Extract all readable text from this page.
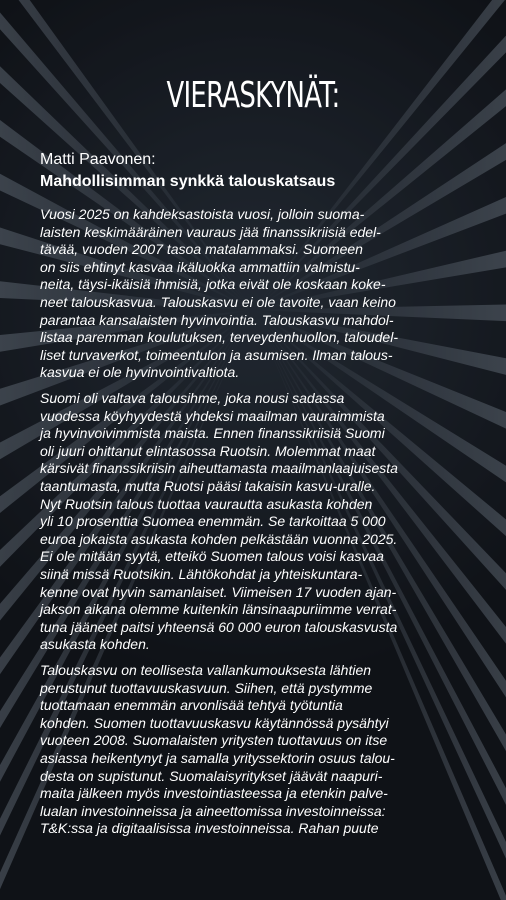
VIERASKYNÄT:
Matti Paavonen:
Mahdollisimman synkkä talouskatsaus

Vuosi 2025 on kahdeksastoista vuosi, jolloin suoma-
laisten keskimääräinen vauraus jää finanssikriisiä edel-
tävää, vuoden 2007 tasoa matalammaksi. Suomeen
on siis ehtinyt kasvaa ikäluokka ammattiin valmistu-
neita, täysi-ikäisiä ihmisiä, jotka eivät ole koskaan koke-
neet talouskasvua. Talouskasvu ei ole tavoite, vaan keino
parantaa kansalaisten hyvinvointia. Talouskasvu mahdol-
listaa paremman koulutuksen, terveydenhuollon, taloudel-
liset turvaverkot, toimeentulon ja asumisen. Ilman talous-
kasvua ei ole hyvinvointivaltiota.

Suomi oli valtava talousihme, joka nousi sadassa
vuodessa köyhyydestä yhdeksi maailman vauraimmista
ja hyvinvoivimmista maista. Ennen finanssikriisiä Suomi
oli juuri ohittanut elintasossa Ruotsin. Molemmat maat
kärsivät finanssikriisin aiheuttamasta maailmanlaajuisesta
taantumasta, mutta Ruotsi pääsi takaisin kasvu-uralle.
Nyt Ruotsin talous tuottaa vaurautta asukasta kohden
yli 10 prosenttia Suomea enemmän. Se tarkoittaa 5 000
euroa jokaista asukasta kohden pelkästään vuonna 2025.
Ei ole mitään syytä, etteikö Suomen talous voisi kasvaa
siinä missä Ruotsikin. Lähtökohdat ja yhteiskuntara-
kenne ovat hyvin samanlaiset. Viimeisen 17 vuoden ajan-
jakson aikana olemme kuitenkin länsinaapuriimme verrat-
tuna jääneet paitsi yhteensä 60 000 euron talouskasvusta
asukasta kohden.

Talouskasvu on teollisesta vallankumouksesta lähtien
perustunut tuottavuuskasvuun. Siihen, että pystymme
tuottamaan enemmän arvonlisää tehtyä työtuntia
kohden. Suomen tuottavuuskasvu käytännössä pysähtyi
vuoteen 2008. Suomalaisten yritysten tuottavuus on itse
asiassa heikentynyt ja samalla yrityssektorin osuus talou-
desta on supistunut. Suomalaisyritykset jäävät naapuri-
maita jälkeen myös investointiasteessa ja etenkin palve-
lualan investoinneissa ja aineettomissa investoinneissa:
T&K:ssa ja digitaalisissa investoinneissa. Rahan puute
